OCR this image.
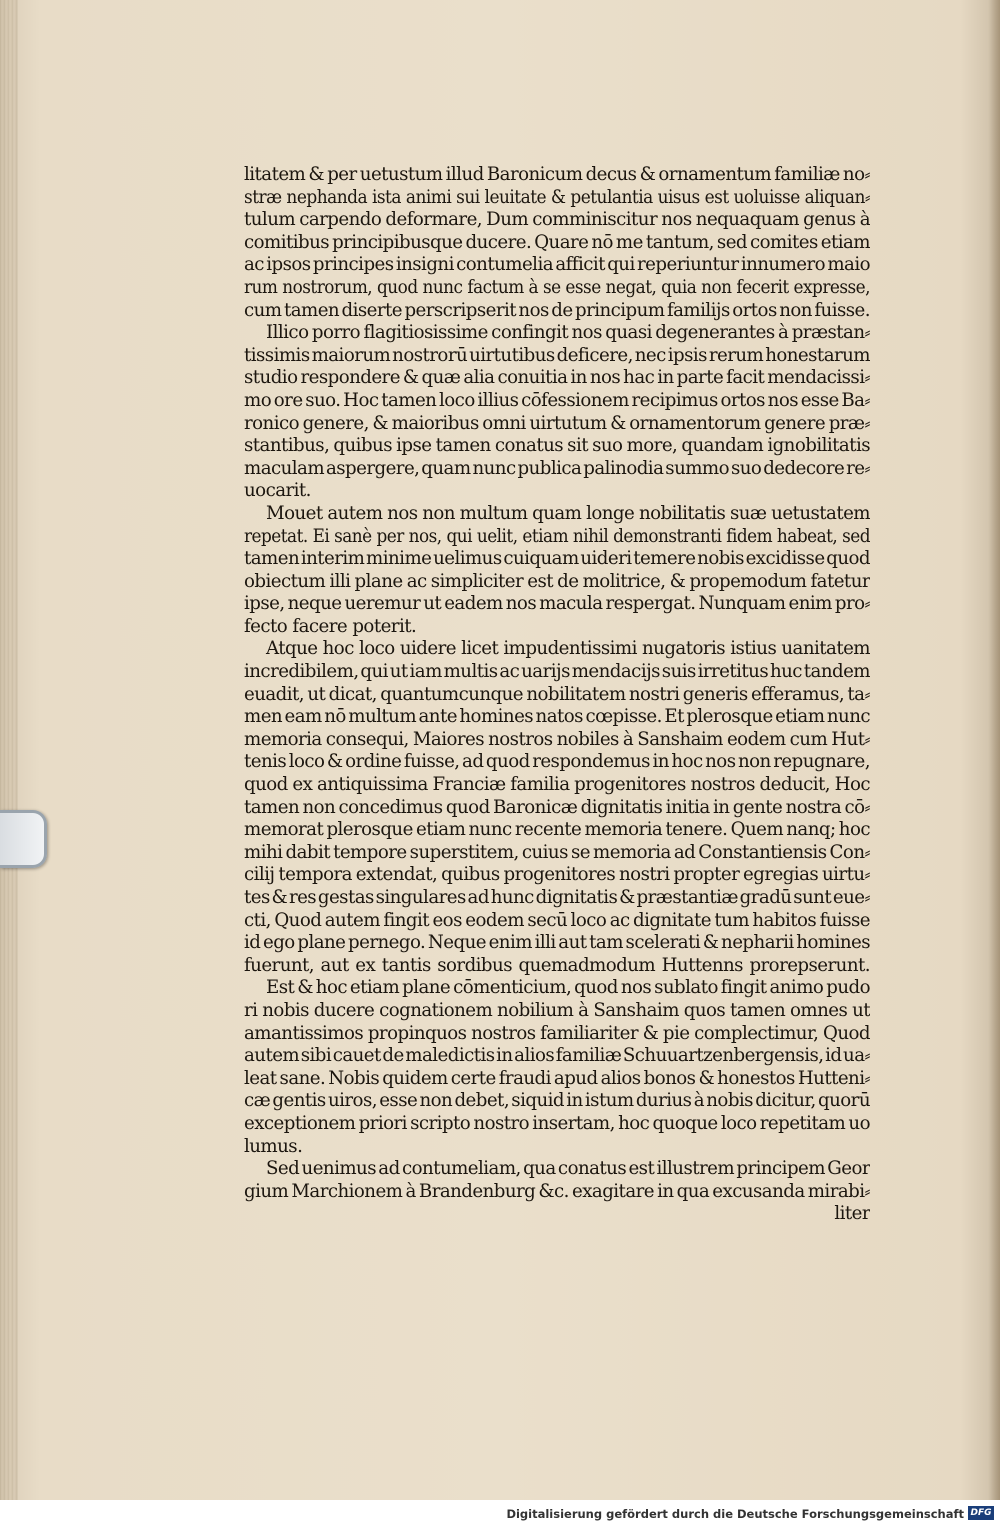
litatem & per uetustum illud Baronicum decus & ornamentum familiæ no⸗
stræ nephanda ista animi sui leuitate & petulantia uisus est uoluisse aliquan⸗
tulum carpendo deformare, Dum comminiscitur nos nequaquam genus à
comitibus principibusque ducere. Quare nō me tantum, sed comites etiam
ac ipsos principes insigni contumelia afficit qui reperiuntur innumero maio
rum nostrorum, quod nunc factum à se esse negat, quia non fecerit expresse,
cum tamen diserte perscripserit nos de principum familijs ortos non fuisse.
Illico porro flagitiosissime confingit nos quasi degenerantes à præstan⸗
tissimis maiorum nostrorū uirtutibus deficere, nec ipsis rerum honestarum
studio respondere & quæ alia conuitia in nos hac in parte facit mendacissi⸗
mo ore suo. Hoc tamen loco illius cōfessionem recipimus ortos nos esse Ba⸗
ronico genere, & maioribus omni uirtutum & ornamentorum genere præ⸗
stantibus, quibus ipse tamen conatus sit suo more, quandam ignobilitatis
maculam aspergere, quam nunc publica palinodia summo suo dedecore re⸗
uocarit.
Mouet autem nos non multum quam longe nobilitatis suæ uetustatem
repetat. Ei sanè per nos, qui uelit, etiam nihil demonstranti fidem habeat, sed
tamen interim minime uelimus cuiquam uideri temere nobis excidisse quod
obiectum illi plane ac simpliciter est de molitrice, & propemodum fatetur
ipse, neque ueremur ut eadem nos macula respergat. Nunquam enim pro⸗
fecto facere poterit.
Atque hoc loco uidere licet impudentissimi nugatoris istius uanitatem
incredibilem, qui ut iam multis ac uarijs mendacijs suis irretitus huc tandem
euadit, ut dicat, quantumcunque nobilitatem nostri generis efferamus, ta⸗
men eam nō multum ante homines natos cœpisse. Et plerosque etiam nunc
memoria consequi, Maiores nostros nobiles à Sanshaim eodem cum Hut⸗
tenis loco & ordine fuisse, ad quod respondemus in hoc nos non repugnare,
quod ex antiquissima Franciæ familia progenitores nostros deducit, Hoc
tamen non concedimus quod Baronicæ dignitatis initia in gente nostra cō⸗
memorat plerosque etiam nunc recente memoria tenere. Quem nanq; hoc
mihi dabit tempore superstitem, cuius se memoria ad Constantiensis Con⸗
cilij tempora extendat, quibus progenitores nostri propter egregias uirtu⸗
tes & res gestas singulares ad hunc dignitatis & præstantiæ gradū sunt eue⸗
cti, Quod autem fingit eos eodem secū loco ac dignitate tum habitos fuisse
id ego plane pernego. Neque enim illi aut tam scelerati & nepharii homines
fuerunt, aut ex tantis sordibus quemadmodum Huttenns prorepserunt.
Est & hoc etiam plane cōmenticium, quod nos sublato fingit animo pudo
ri nobis ducere cognationem nobilium à Sanshaim quos tamen omnes ut
amantissimos propinquos nostros familiariter & pie complectimur, Quod
autem sibi cauet de maledictis in alios familiæ Schuuartzenbergensis, id ua⸗
leat sane. Nobis quidem certe fraudi apud alios bonos & honestos Hutteni⸗
cæ gentis uiros, esse non debet, siquid in istum durius à nobis dicitur, quorū
exceptionem priori scripto nostro insertam, hoc quoque loco repetitam uo
lumus.
Sed uenimus ad contumeliam, qua conatus est illustrem principem Geor
gium Marchionem à Brandenburg &c. exagitare in qua excusanda mirabi⸗
liter
Digitalisierung gefördert durch die Deutsche Forschungsgemeinschaft DFG
